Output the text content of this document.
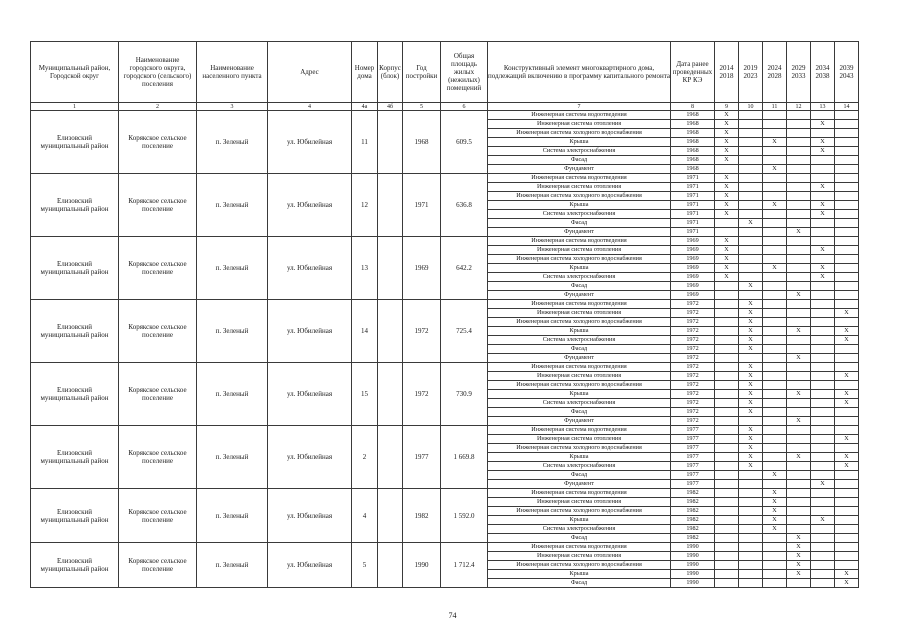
Муниципальный район, Городской округ	Наименование городского округа, городского (сельского) поселения	Наименование населенного пункта	Адрес	Номер дома	Корпус (блок)	Год постройки	Общая площадь жилых (нежилых) помещений	Конструктивный элемент многоквартирного дома, подлежащий включению в программу капитального ремонта	Дата ранее проведенных КР КЭ	2014 2018	2019 2023	2024 2028	2029 2033	2034 2038	2039 2043
1	2	3	4	4а	4б	5	6	7	8	9	10	11	12	13	14
Елизовский муниципальный район	Корякское сельское поселение	п. Зеленый	ул. Юбилейная	11		1968	609.5	Инженерная система водоотведения	1968	X					
								Инженерная система отопления	1968	X				X	
								Инженерная система холодного водоснабжения	1968	X					
								Крыша	1968	X		X		X	
								Система электроснабжения	1968	X				X	
								Фасад	1968	X					
								Фундамент	1968			X			
Елизовский муниципальный район	Корякское сельское поселение	п. Зеленый	ул. Юбилейная	12		1971	636.8	Инженерная система водоотведения	1971	X					
								Инженерная система отопления	1971	X				X	
								Инженерная система холодного водоснабжения	1971	X					
								Крыша	1971	X		X		X	
								Система электроснабжения	1971	X				X	
								Фасад	1971		X				
								Фундамент	1971				X		
Елизовский муниципальный район	Корякское сельское поселение	п. Зеленый	ул. Юбилейная	13		1969	642.2	Инженерная система водоотведения	1969	X					
								Инженерная система отопления	1969	X				X	
								Инженерная система холодного водоснабжения	1969	X					
								Крыша	1969	X		X		X	
								Система электроснабжения	1969	X				X	
								Фасад	1969		X				
								Фундамент	1969				X		
Елизовский муниципальный район	Корякское сельское поселение	п. Зеленый	ул. Юбилейная	14		1972	725.4	Инженерная система водоотведения	1972		X				
								Инженерная система отопления	1972		X				X
								Инженерная система холодного водоснабжения	1972		X				
								Крыша	1972		X		X		X
								Система электроснабжения	1972		X				X
								Фасад	1972		X				
								Фундамент	1972				X		
Елизовский муниципальный район	Корякское сельское поселение	п. Зеленый	ул. Юбилейная	15		1972	730.9	Инженерная система водоотведения	1972		X				
								Инженерная система отопления	1972		X				X
								Инженерная система холодного водоснабжения	1972		X				
								Крыша	1972		X		X		X
								Система электроснабжения	1972		X				X
								Фасад	1972		X				
								Фундамент	1972				X		
Елизовский муниципальный район	Корякское сельское поселение	п. Зеленый	ул. Юбилейная	2		1977	1 669.8	Инженерная система водоотведения	1977		X				
								Инженерная система отопления	1977		X				X
								Инженерная система холодного водоснабжения	1977		X				
								Крыша	1977		X		X		X
								Система электроснабжения	1977		X				X
								Фасад	1977			X			
								Фундамент	1977					X	
Елизовский муниципальный район	Корякское сельское поселение	п. Зеленый	ул. Юбилейная	4		1982	1 592.0	Инженерная система водоотведения	1982			X			
								Инженерная система отопления	1982			X			
								Инженерная система холодного водоснабжения	1982			X			
								Крыша	1982			X		X	
								Система электроснабжения	1982			X			
								Фасад	1982				X		
Елизовский муниципальный район	Корякское сельское поселение	п. Зеленый	ул. Юбилейная	5		1990	1 712.4	Инженерная система водоотведения	1990				X		
								Инженерная система отопления	1990				X		
								Инженерная система холодного водоснабжения	1990				X		
								Крыша	1990				X		X
								Фасад	1990						X
74
